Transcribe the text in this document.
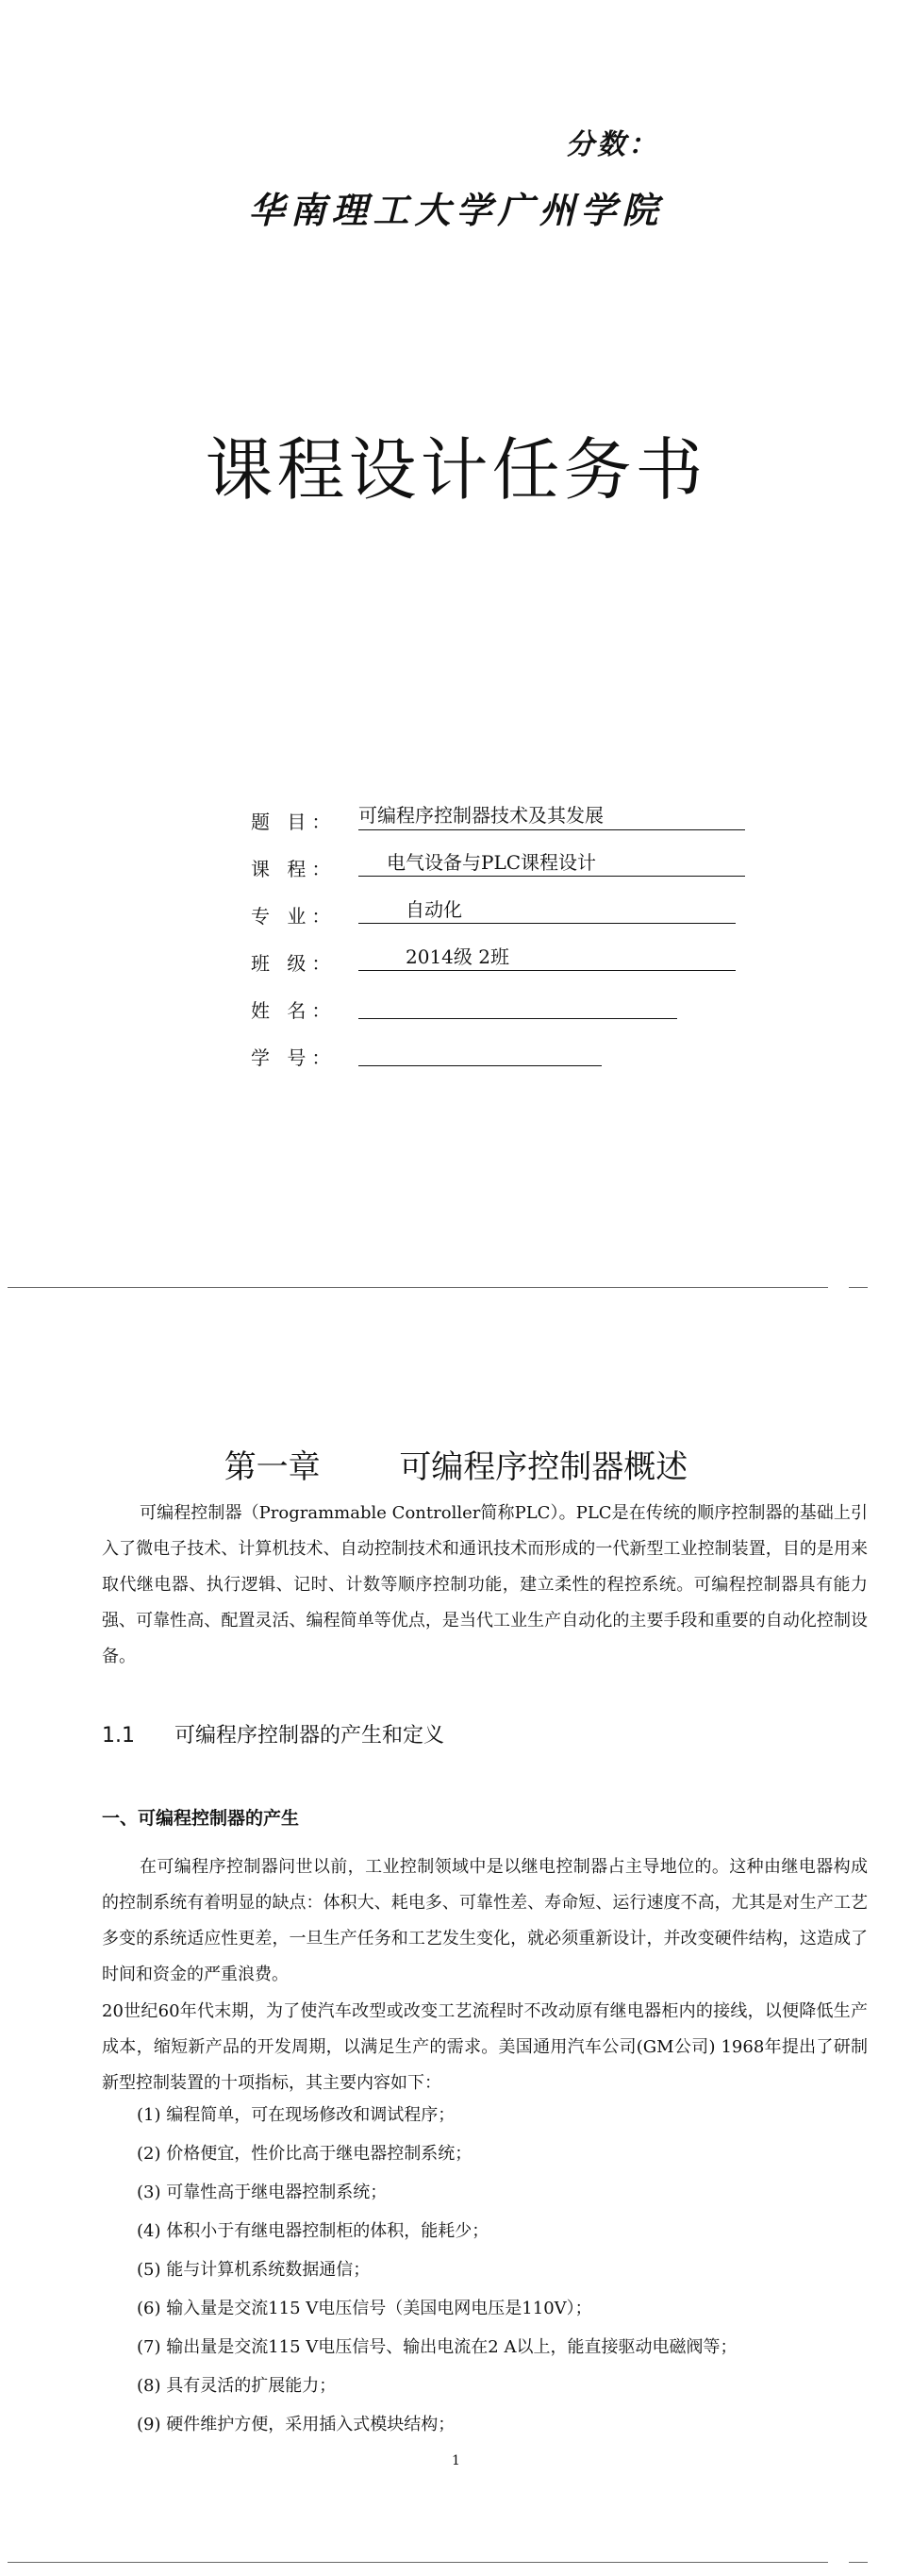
分数：
华南理工大学广州学院
课程设计任务书
题 目： 可编程序控制器技术及其发展
课 程：	电气设备与PLC课程设计
专 业：	自动化
班 级：	2014级 2班
姓 名：
学 号：
第一章 可编程序控制器概述
可编程控制器（Programmable Controller简称PLC）。PLC是在传统的顺序控制器的基础上引入了微电子技术、计算机技术、自动控制技术和通讯技术而形成的一代新型工业控制装置，目的是用来取代继电器、执行逻辑、记时、计数等顺序控制功能，建立柔性的程控系统。可编程控制器具有能力强、可靠性高、配置灵活、编程简单等优点，是当代工业生产自动化的主要手段和重要的自动化控制设备。
1.1 可编程序控制器的产生和定义
一、可编程控制器的产生
在可编程序控制器问世以前，工业控制领域中是以继电控制器占主导地位的。这种由继电器构成的控制系统有着明显的缺点：体积大、耗电多、可靠性差、寿命短、运行速度不高，尤其是对生产工艺多变的系统适应性更差，一旦生产任务和工艺发生变化，就必须重新设计，并改变硬件结构，这造成了时间和资金的严重浪费。
20世纪60年代末期，为了使汽车改型或改变工艺流程时不改动原有继电器柜内的接线，以便降低生产成本，缩短新产品的开发周期，以满足生产的需求。美国通用汽车公司(GM公司) 1968年提出了研制新型控制装置的十项指标，其主要内容如下：
(1) 编程简单，可在现场修改和调试程序；
(2) 价格便宜，性价比高于继电器控制系统；
(3) 可靠性高于继电器控制系统；
(4) 体积小于有继电器控制柜的体积，能耗少；
(5) 能与计算机系统数据通信；
(6) 输入量是交流115 V电压信号（美国电网电压是110V）；
(7) 输出量是交流115 V电压信号、输出电流在2 A以上，能直接驱动电磁阀等；
(8) 具有灵活的扩展能力；
(9) 硬件维护方便，采用插入式模块结构；
1
